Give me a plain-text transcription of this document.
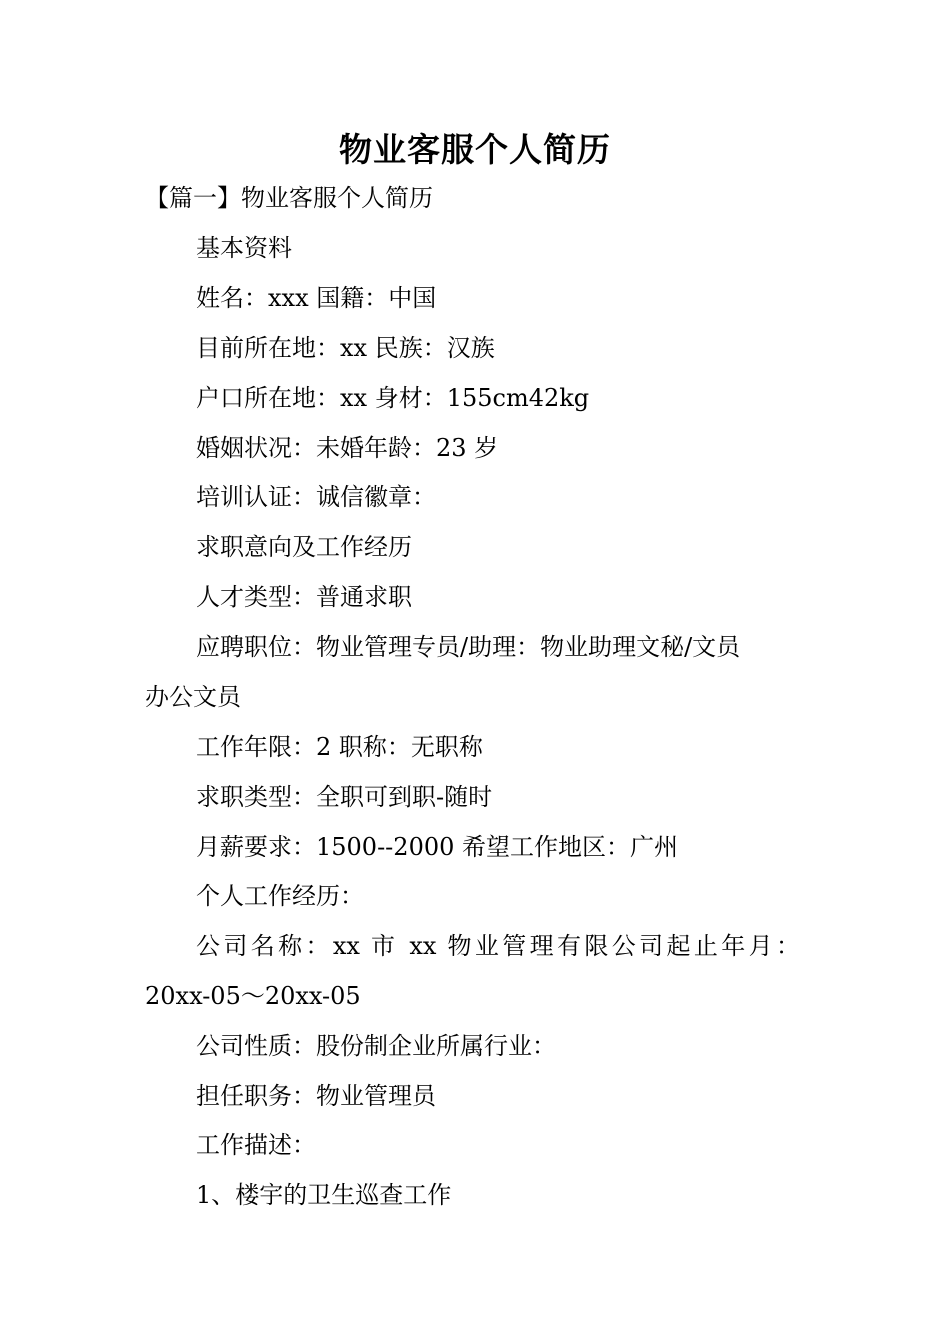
物业客服个人简历
【篇一】物业客服个人简历
基本资料
姓名：xxx 国籍：中国
目前所在地：xx 民族：汉族
户口所在地：xx 身材：155cm42kg
婚姻状况：未婚年龄：23 岁
培训认证：诚信徽章：
求职意向及工作经历
人才类型：普通求职
应聘职位：物业管理专员/助理：物业助理文秘/文员
办公文员
工作年限：2 职称：无职称
求职类型：全职可到职-随时
月薪要求：1500--2000 希望工作地区：广州
个人工作经历：
公司名称：xx 市 xx 物业管理有限公司起止年月：
20xx-05～20xx-05
公司性质：股份制企业所属行业：
担任职务：物业管理员
工作描述：
1、楼宇的卫生巡查工作
